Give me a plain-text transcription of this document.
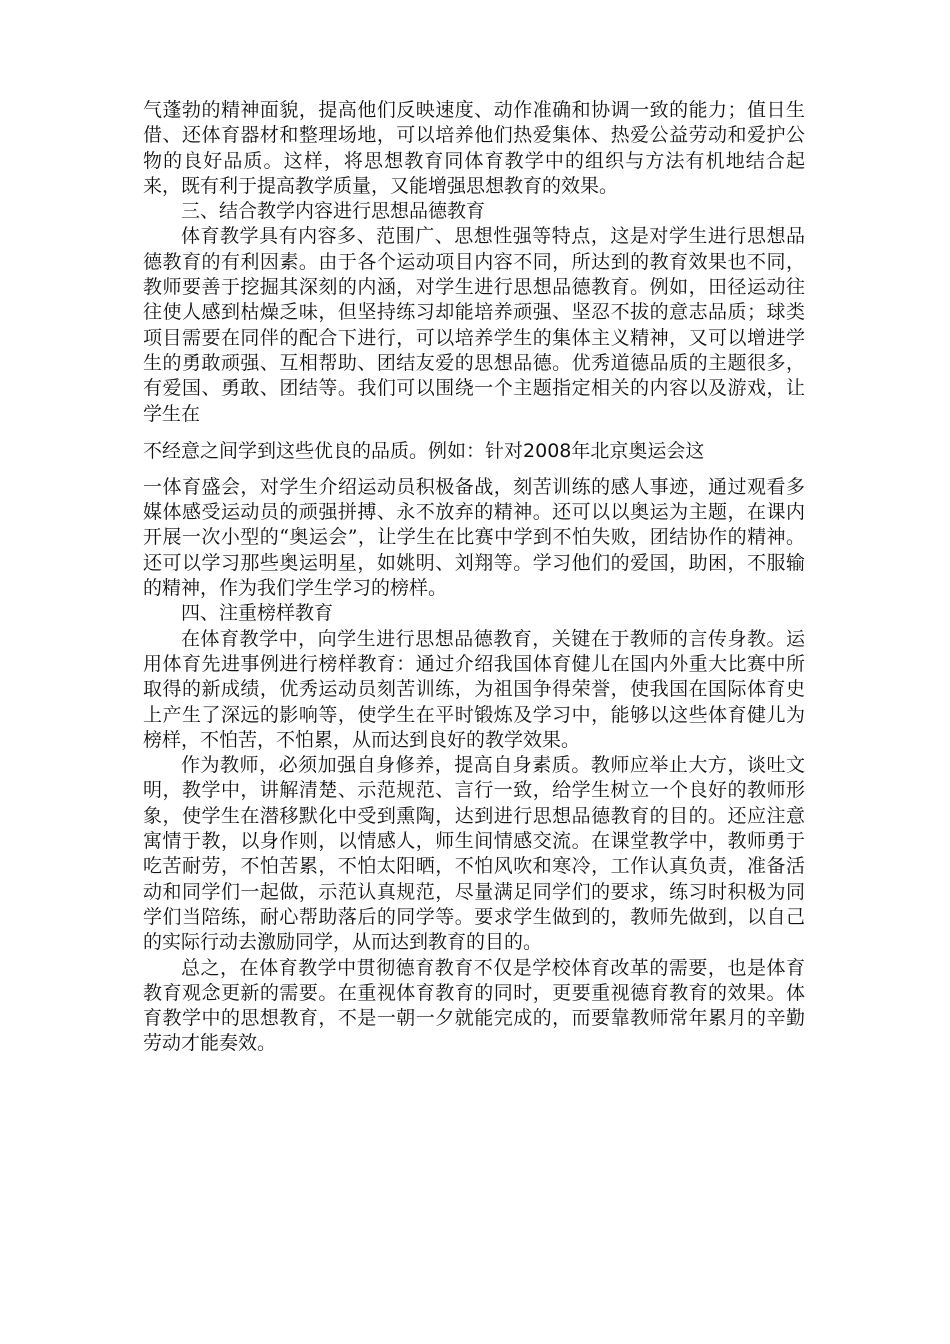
气蓬勃的精神面貌，提高他们反映速度、动作准确和协调一致的能力；值日生借、还体育器材和整理场地，可以培养他们热爱集体、热爱公益劳动和爱护公物的良好品质。这样，将思想教育同体育教学中的组织与方法有机地结合起来，既有利于提高教学质量，又能增强思想教育的效果。

三、结合教学内容进行思想品德教育

体育教学具有内容多、范围广、思想性强等特点，这是对学生进行思想品德教育的有利因素。由于各个运动项目内容不同，所达到的教育效果也不同，教师要善于挖掘其深刻的内涵，对学生进行思想品德教育。例如，田径运动往往使人感到枯燥乏味，但坚持练习却能培养顽强、坚忍不拔的意志品质；球类项目需要在同伴的配合下进行，可以培养学生的集体主义精神，又可以增进学生的勇敢顽强、互相帮助、团结友爱的思想品德。优秀道德品质的主题很多，有爱国、勇敢、团结等。我们可以围绕一个主题指定相关的内容以及游戏，让学生在

不经意之间学到这些优良的品质。例如：针对2008年北京奥运会这

一体育盛会，对学生介绍运动员积极备战，刻苦训练的感人事迹，通过观看多媒体感受运动员的顽强拼搏、永不放弃的精神。还可以以奥运为主题，在课内开展一次小型的“奥运会”，让学生在比赛中学到不怕失败，团结协作的精神。还可以学习那些奥运明星，如姚明、刘翔等。学习他们的爱国，助困，不服输的精神，作为我们学生学习的榜样。

四、注重榜样教育

在体育教学中，向学生进行思想品德教育，关键在于教师的言传身教。运用体育先进事例进行榜样教育：通过介绍我国体育健儿在国内外重大比赛中所取得的新成绩，优秀运动员刻苦训练，为祖国争得荣誉，使我国在国际体育史上产生了深远的影响等，使学生在平时锻炼及学习中，能够以这些体育健儿为榜样，不怕苦，不怕累，从而达到良好的教学效果。

作为教师，必须加强自身修养，提高自身素质。教师应举止大方，谈吐文明，教学中，讲解清楚、示范规范、言行一致，给学生树立一个良好的教师形象，使学生在潜移默化中受到熏陶，达到进行思想品德教育的目的。还应注意寓情于教，以身作则，以情感人，师生间情感交流。在课堂教学中，教师勇于吃苦耐劳，不怕苦累，不怕太阳晒，不怕风吹和寒冷，工作认真负责，准备活动和同学们一起做，示范认真规范，尽量满足同学们的要求，练习时积极为同学们当陪练，耐心帮助落后的同学等。要求学生做到的，教师先做到，以自己的实际行动去激励同学，从而达到教育的目的。

总之，在体育教学中贯彻德育教育不仅是学校体育改革的需要，也是体育教育观念更新的需要。在重视体育教育的同时，更要重视德育教育的效果。体育教学中的思想教育，不是一朝一夕就能完成的，而要靠教师常年累月的辛勤劳动才能奏效。
